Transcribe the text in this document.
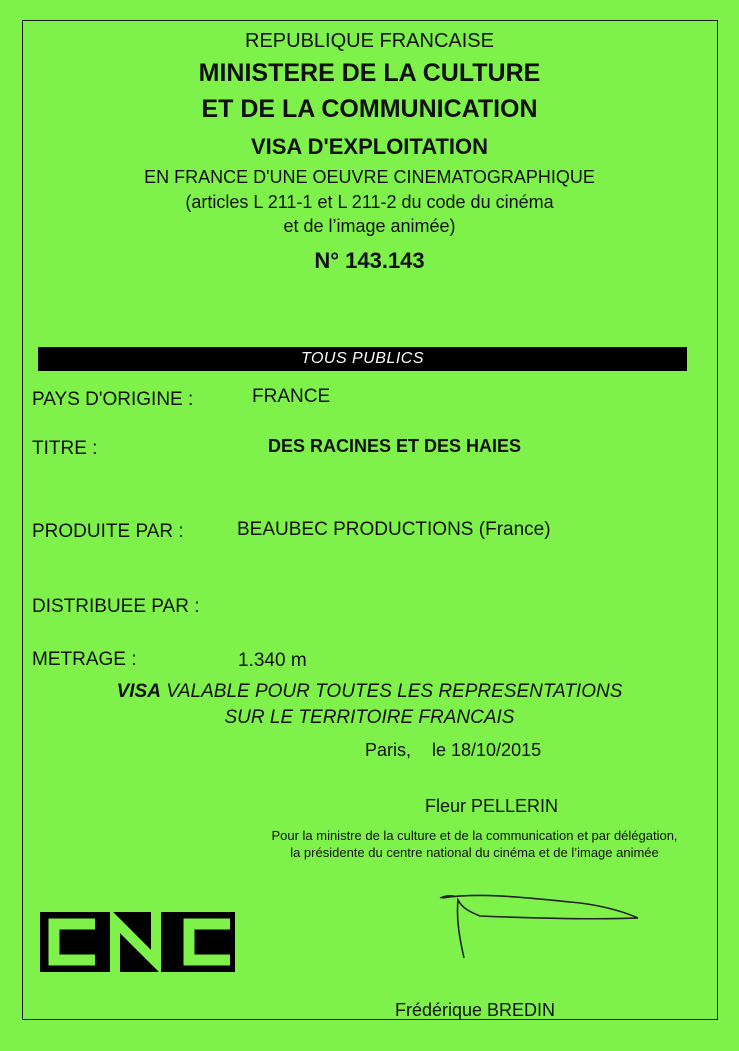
REPUBLIQUE FRANCAISE
MINISTERE DE LA CULTURE
ET DE LA COMMUNICATION
VISA D'EXPLOITATION
EN FRANCE D'UNE OEUVRE CINEMATOGRAPHIQUE
(articles L 211-1 et L 211-2 du code du cinéma
et de l’image animée)
N° 143.143
TOUS PUBLICS
PAYS D'ORIGINE :	FRANCE
TITRE :	DES RACINES ET DES HAIES
PRODUITE PAR :	BEAUBEC PRODUCTIONS (France)
DISTRIBUEE PAR :
METRAGE :	1.340 m
VISA VALABLE POUR TOUTES LES REPRESENTATIONS
SUR LE TERRITOIRE FRANCAIS
Paris, le 18/10/2015
Fleur PELLERIN
Pour la ministre de la culture et de la communication et par délégation,
la présidente du centre national du cinéma et de l’image animée
Frédérique BREDIN
